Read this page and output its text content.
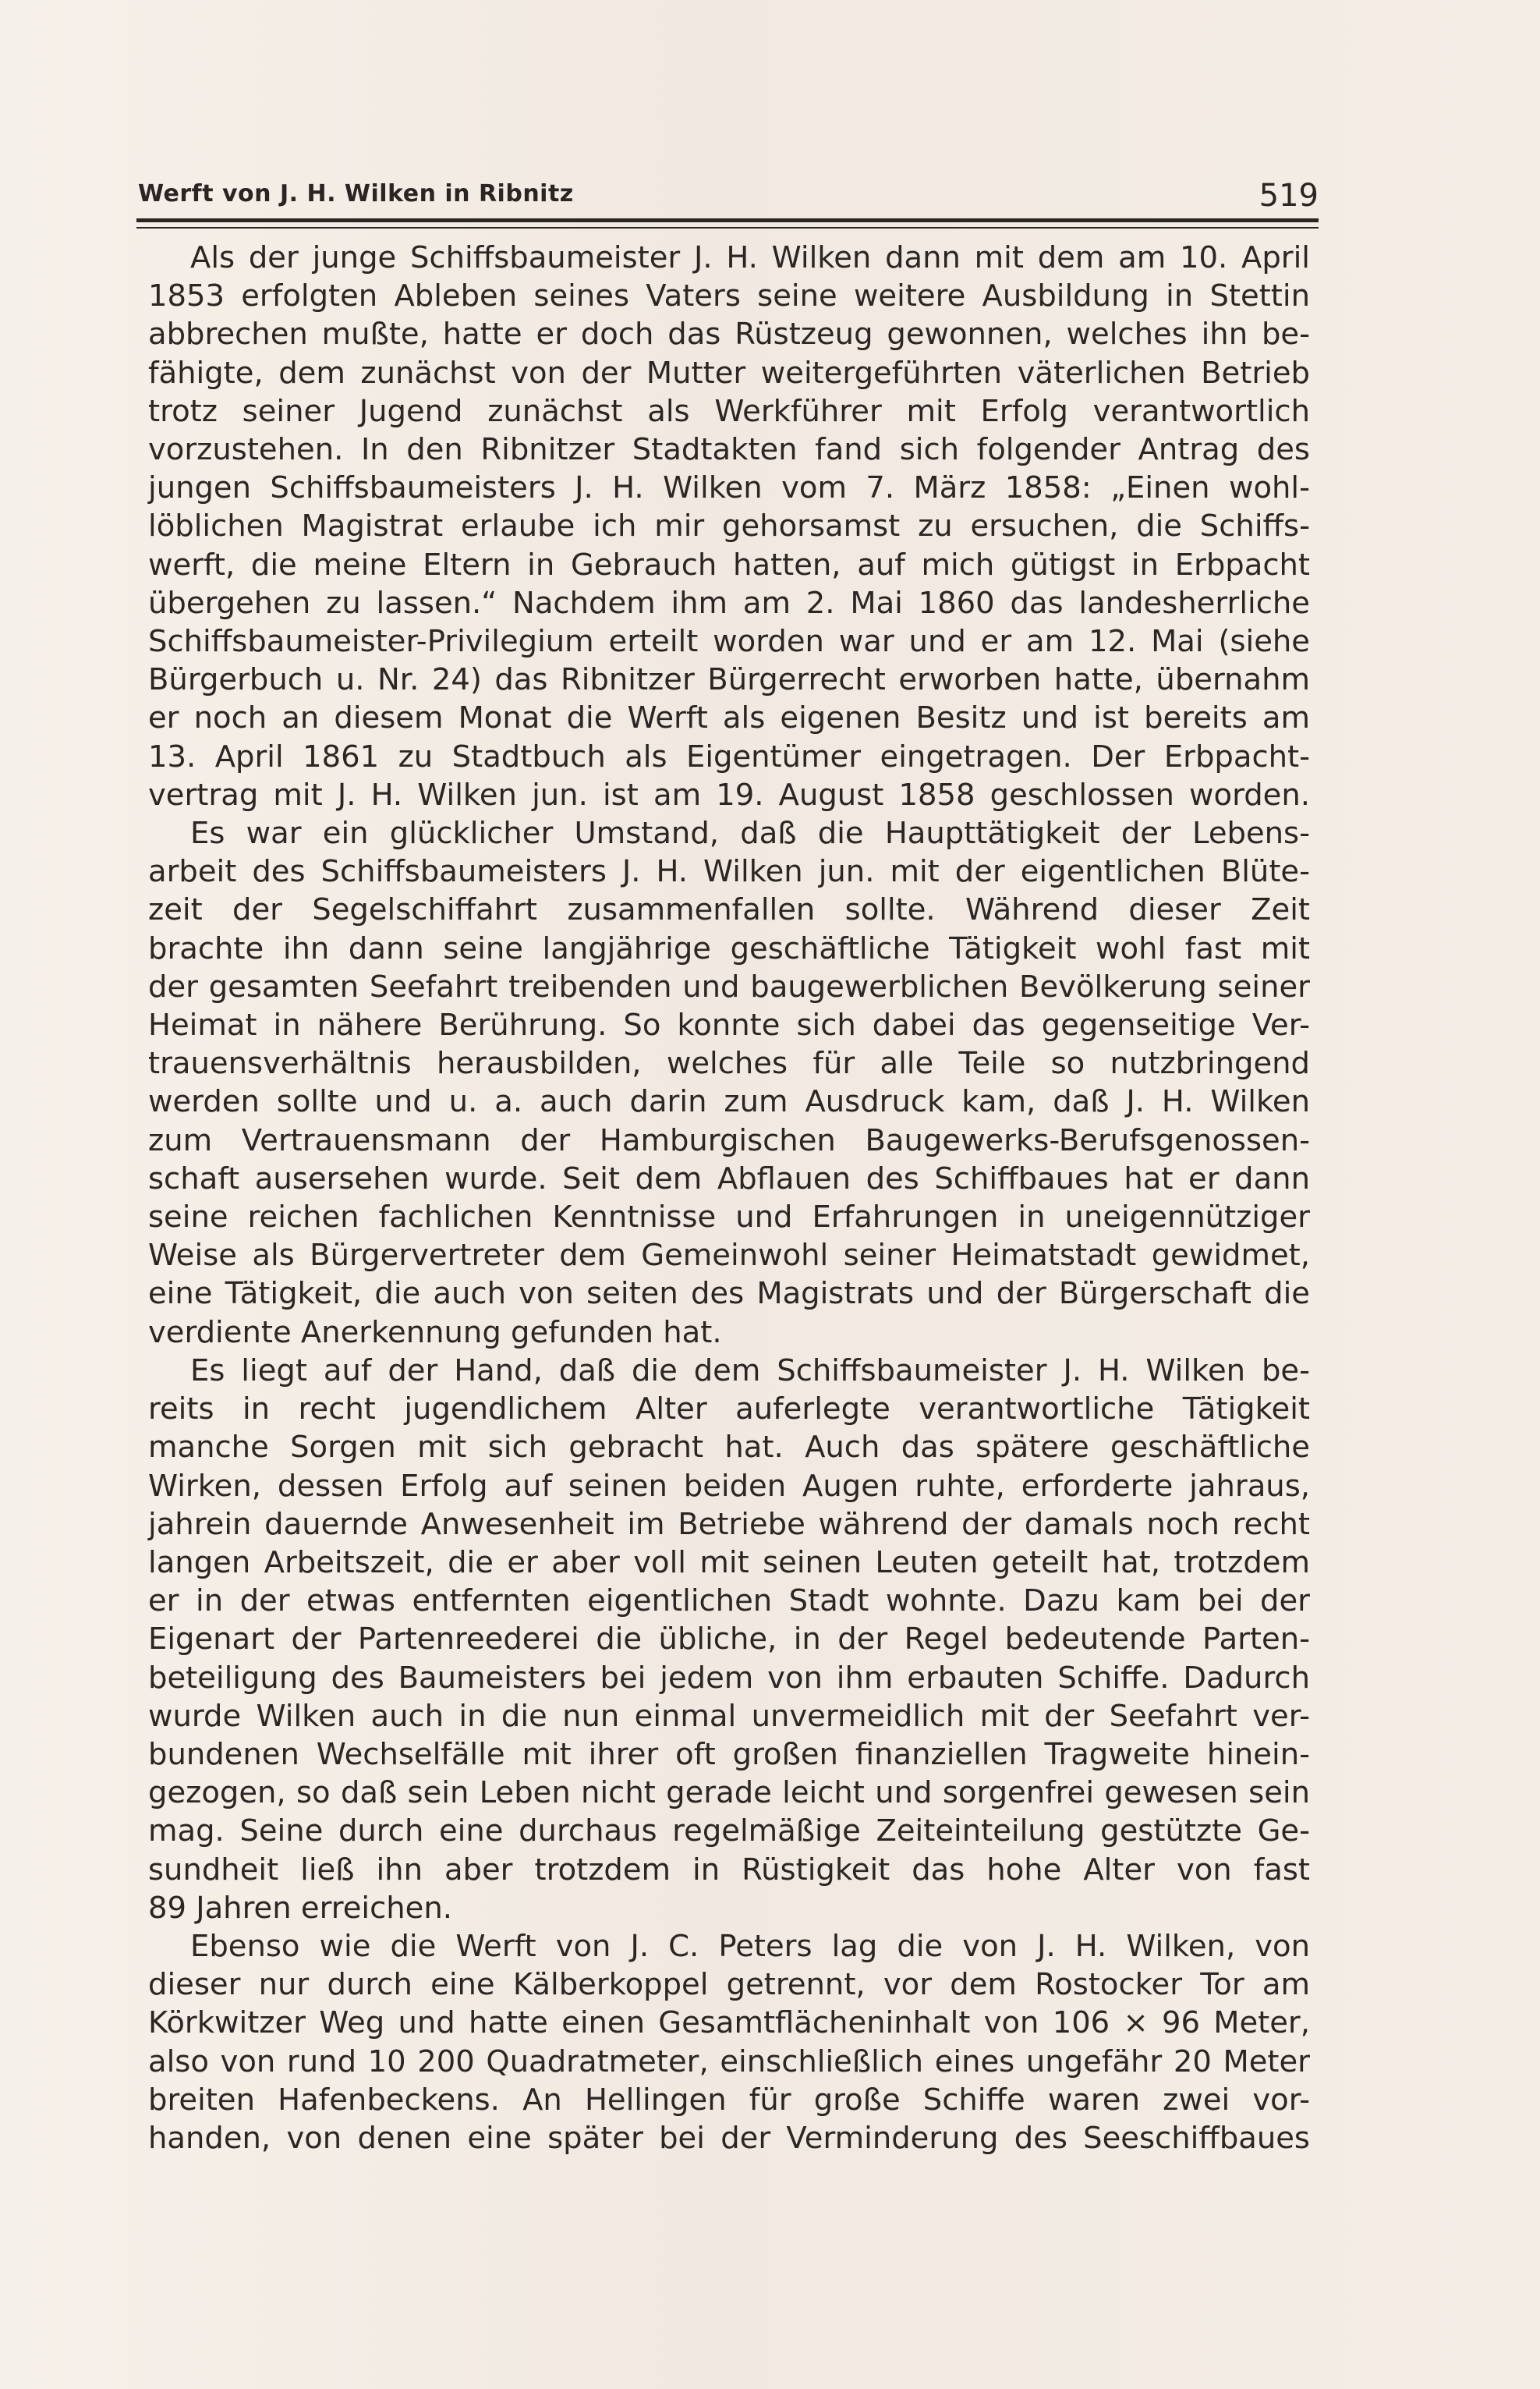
Werft von J. H. Wilken in Ribnitz	519

Als der junge Schiffsbaumeister J. H. Wilken dann mit dem am 10. April
1853 erfolgten Ableben seines Vaters seine weitere Ausbildung in Stettin
abbrechen mußte, hatte er doch das Rüstzeug gewonnen, welches ihn be-
fähigte, dem zunächst von der Mutter weitergeführten väterlichen Betrieb
trotz seiner Jugend zunächst als Werkführer mit Erfolg verantwortlich
vorzustehen. In den Ribnitzer Stadtakten fand sich folgender Antrag des
jungen Schiffsbaumeisters J. H. Wilken vom 7. März 1858: „Einen wohl-
löblichen Magistrat erlaube ich mir gehorsamst zu ersuchen, die Schiffs-
werft, die meine Eltern in Gebrauch hatten, auf mich gütigst in Erbpacht
übergehen zu lassen.“ Nachdem ihm am 2. Mai 1860 das landesherrliche
Schiffsbaumeister-Privilegium erteilt worden war und er am 12. Mai (siehe
Bürgerbuch u. Nr. 24) das Ribnitzer Bürgerrecht erworben hatte, übernahm
er noch an diesem Monat die Werft als eigenen Besitz und ist bereits am
13. April 1861 zu Stadtbuch als Eigentümer eingetragen. Der Erbpacht-
vertrag mit J. H. Wilken jun. ist am 19. August 1858 geschlossen worden.

Es war ein glücklicher Umstand, daß die Haupttätigkeit der Lebens-
arbeit des Schiffsbaumeisters J. H. Wilken jun. mit der eigentlichen Blüte-
zeit der Segelschiffahrt zusammenfallen sollte. Während dieser Zeit
brachte ihn dann seine langjährige geschäftliche Tätigkeit wohl fast mit
der gesamten Seefahrt treibenden und baugewerblichen Bevölkerung seiner
Heimat in nähere Berührung. So konnte sich dabei das gegenseitige Ver-
trauensverhältnis herausbilden, welches für alle Teile so nutzbringend
werden sollte und u. a. auch darin zum Ausdruck kam, daß J. H. Wilken
zum Vertrauensmann der Hamburgischen Baugewerks-Berufsgenossen-
schaft ausersehen wurde. Seit dem Abflauen des Schiffbaues hat er dann
seine reichen fachlichen Kenntnisse und Erfahrungen in uneigennütziger
Weise als Bürgervertreter dem Gemeinwohl seiner Heimatstadt gewidmet,
eine Tätigkeit, die auch von seiten des Magistrats und der Bürgerschaft die
verdiente Anerkennung gefunden hat.

Es liegt auf der Hand, daß die dem Schiffsbaumeister J. H. Wilken be-
reits in recht jugendlichem Alter auferlegte verantwortliche Tätigkeit
manche Sorgen mit sich gebracht hat. Auch das spätere geschäftliche
Wirken, dessen Erfolg auf seinen beiden Augen ruhte, erforderte jahraus,
jahrein dauernde Anwesenheit im Betriebe während der damals noch recht
langen Arbeitszeit, die er aber voll mit seinen Leuten geteilt hat, trotzdem
er in der etwas entfernten eigentlichen Stadt wohnte. Dazu kam bei der
Eigenart der Partenreederei die übliche, in der Regel bedeutende Parten-
beteiligung des Baumeisters bei jedem von ihm erbauten Schiffe. Dadurch
wurde Wilken auch in die nun einmal unvermeidlich mit der Seefahrt ver-
bundenen Wechselfälle mit ihrer oft großen finanziellen Tragweite hinein-
gezogen, so daß sein Leben nicht gerade leicht und sorgenfrei gewesen sein
mag. Seine durch eine durchaus regelmäßige Zeiteinteilung gestützte Ge-
sundheit ließ ihn aber trotzdem in Rüstigkeit das hohe Alter von fast
89 Jahren erreichen.

Ebenso wie die Werft von J. C. Peters lag die von J. H. Wilken, von
dieser nur durch eine Kälberkoppel getrennt, vor dem Rostocker Tor am
Körkwitzer Weg und hatte einen Gesamtflächeninhalt von 106 × 96 Meter,
also von rund 10 200 Quadratmeter, einschließlich eines ungefähr 20 Meter
breiten Hafenbeckens. An Hellingen für große Schiffe waren zwei vor-
handen, von denen eine später bei der Verminderung des Seeschiffbaues
